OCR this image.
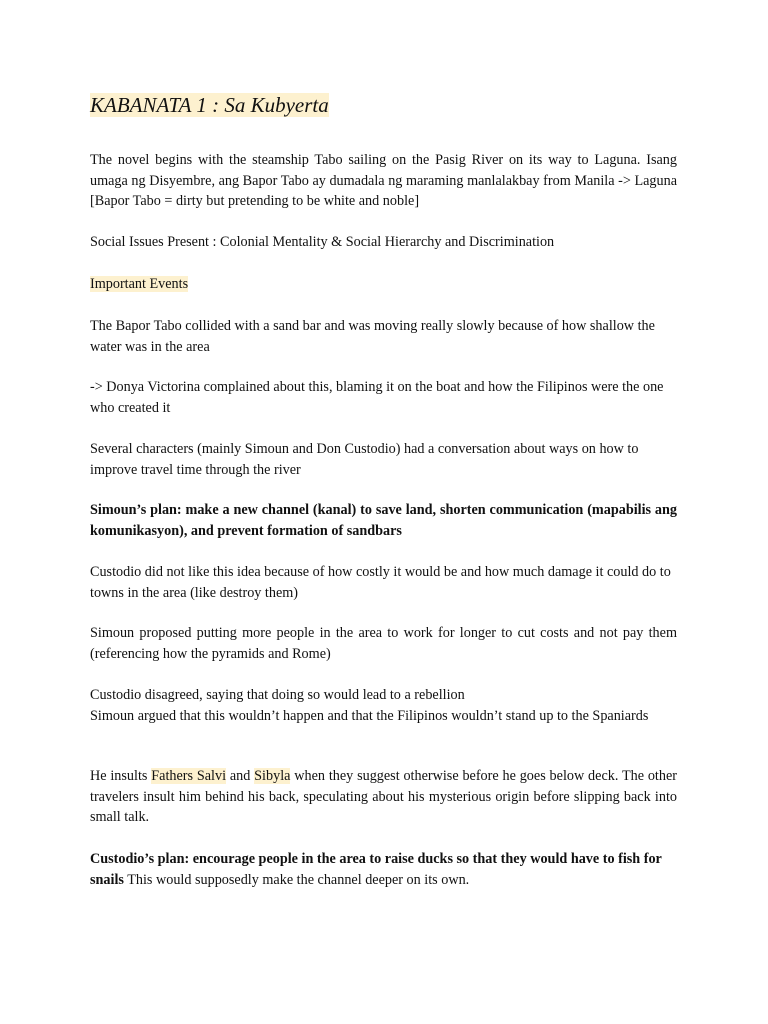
KABANATA 1 : Sa Kubyerta

The novel begins with the steamship Tabo sailing on the Pasig River on its way to Laguna. Isang umaga ng Disyembre, ang Bapor Tabo ay dumadala ng maraming manlalakbay from Manila -> Laguna [Bapor Tabo = dirty but pretending to be white and noble]

Social Issues Present : Colonial Mentality & Social Hierarchy and Discrimination

Important Events

The Bapor Tabo collided with a sand bar and was moving really slowly because of how shallow the water was in the area

-> Donya Victorina complained about this, blaming it on the boat and how the Filipinos were the one who created it

Several characters (mainly Simoun and Don Custodio) had a conversation about ways on how to improve travel time through the river

Simoun’s plan: make a new channel (kanal) to save land, shorten communication (mapabilis ang komunikasyon), and prevent formation of sandbars

Custodio did not like this idea because of how costly it would be and how much damage it could do to towns in the area (like destroy them)

Simoun proposed putting more people in the area to work for longer to cut costs and not pay them (referencing how the pyramids and Rome)

Custodio disagreed, saying that doing so would lead to a rebellion
Simoun argued that this wouldn’t happen and that the Filipinos wouldn’t stand up to the Spaniards

He insults Fathers Salvi and Sibyla when they suggest otherwise before he goes below deck. The other travelers insult him behind his back, speculating about his mysterious origin before slipping back into small talk.

Custodio’s plan: encourage people in the area to raise ducks so that they would have to fish for snails This would supposedly make the channel deeper on its own.
